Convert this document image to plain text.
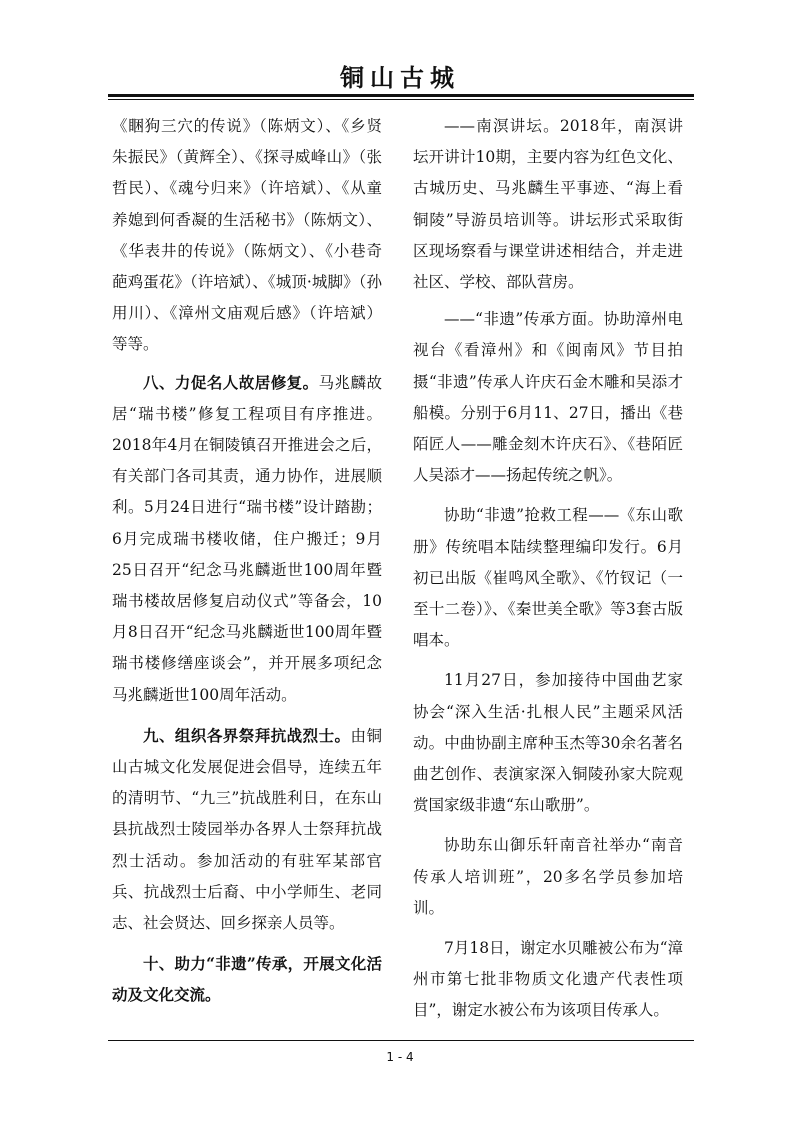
铜山古城

《睏狗三穴的传说》（陈炳文）、《乡贤朱振民》（黄辉全）、《探寻威峰山》（张哲民）、《魂兮归来》（许培斌）、《从童养媳到何香凝的生活秘书》（陈炳文）、《华表井的传说》（陈炳文）、《小巷奇葩鸡蛋花》（许培斌）、《城顶·城脚》（孙用川）、《漳州文庙观后感》（许培斌）等等。

八、力促名人故居修复。马兆麟故居“瑞书楼”修复工程项目有序推进。2018年4月在铜陵镇召开推进会之后，有关部门各司其责，通力协作，进展顺利。5月24日进行“瑞书楼”设计踏勘；6月完成瑞书楼收储，住户搬迁；9月25日召开“纪念马兆麟逝世100周年暨瑞书楼故居修复启动仪式”等备会，10月8日召开“纪念马兆麟逝世100周年暨瑞书楼修缮座谈会”，并开展多项纪念马兆麟逝世100周年活动。

九、组织各界祭拜抗战烈士。由铜山古城文化发展促进会倡导，连续五年的清明节、“九三”抗战胜利日，在东山县抗战烈士陵园举办各界人士祭拜抗战烈士活动。参加活动的有驻军某部官兵、抗战烈士后裔、中小学师生、老同志、社会贤达、回乡探亲人员等。

十、助力“非遗”传承，开展文化活动及文化交流。

——南溟讲坛。2018年，南溟讲坛开讲计10期，主要内容为红色文化、古城历史、马兆麟生平事迹、“海上看铜陵”导游员培训等。讲坛形式采取街区现场察看与课堂讲述相结合，并走进社区、学校、部队营房。

——“非遗”传承方面。协助漳州电视台《看漳州》和《闽南风》节目拍摄“非遗”传承人许庆石金木雕和吴添才船模。分别于6月11、27日，播出《巷陌匠人——雕金刻木许庆石》、《巷陌匠人吴添才——扬起传统之帆》。

协助“非遗”抢救工程——《东山歌册》传统唱本陆续整理编印发行。6月初已出版《崔鸣风全歌》、《竹钗记（一至十二卷）》、《秦世美全歌》等3套古版唱本。

11月27日，参加接待中国曲艺家协会“深入生活·扎根人民”主题采风活动。中曲协副主席种玉杰等30余名著名曲艺创作、表演家深入铜陵孙家大院观赏国家级非遗“东山歌册”。

协助东山御乐轩南音社举办“南音传承人培训班”，20多名学员参加培训。

7月18日，谢定水贝雕被公布为“漳州市第七批非物质文化遗产代表性项目”，谢定水被公布为该项目传承人。

1 - 4
